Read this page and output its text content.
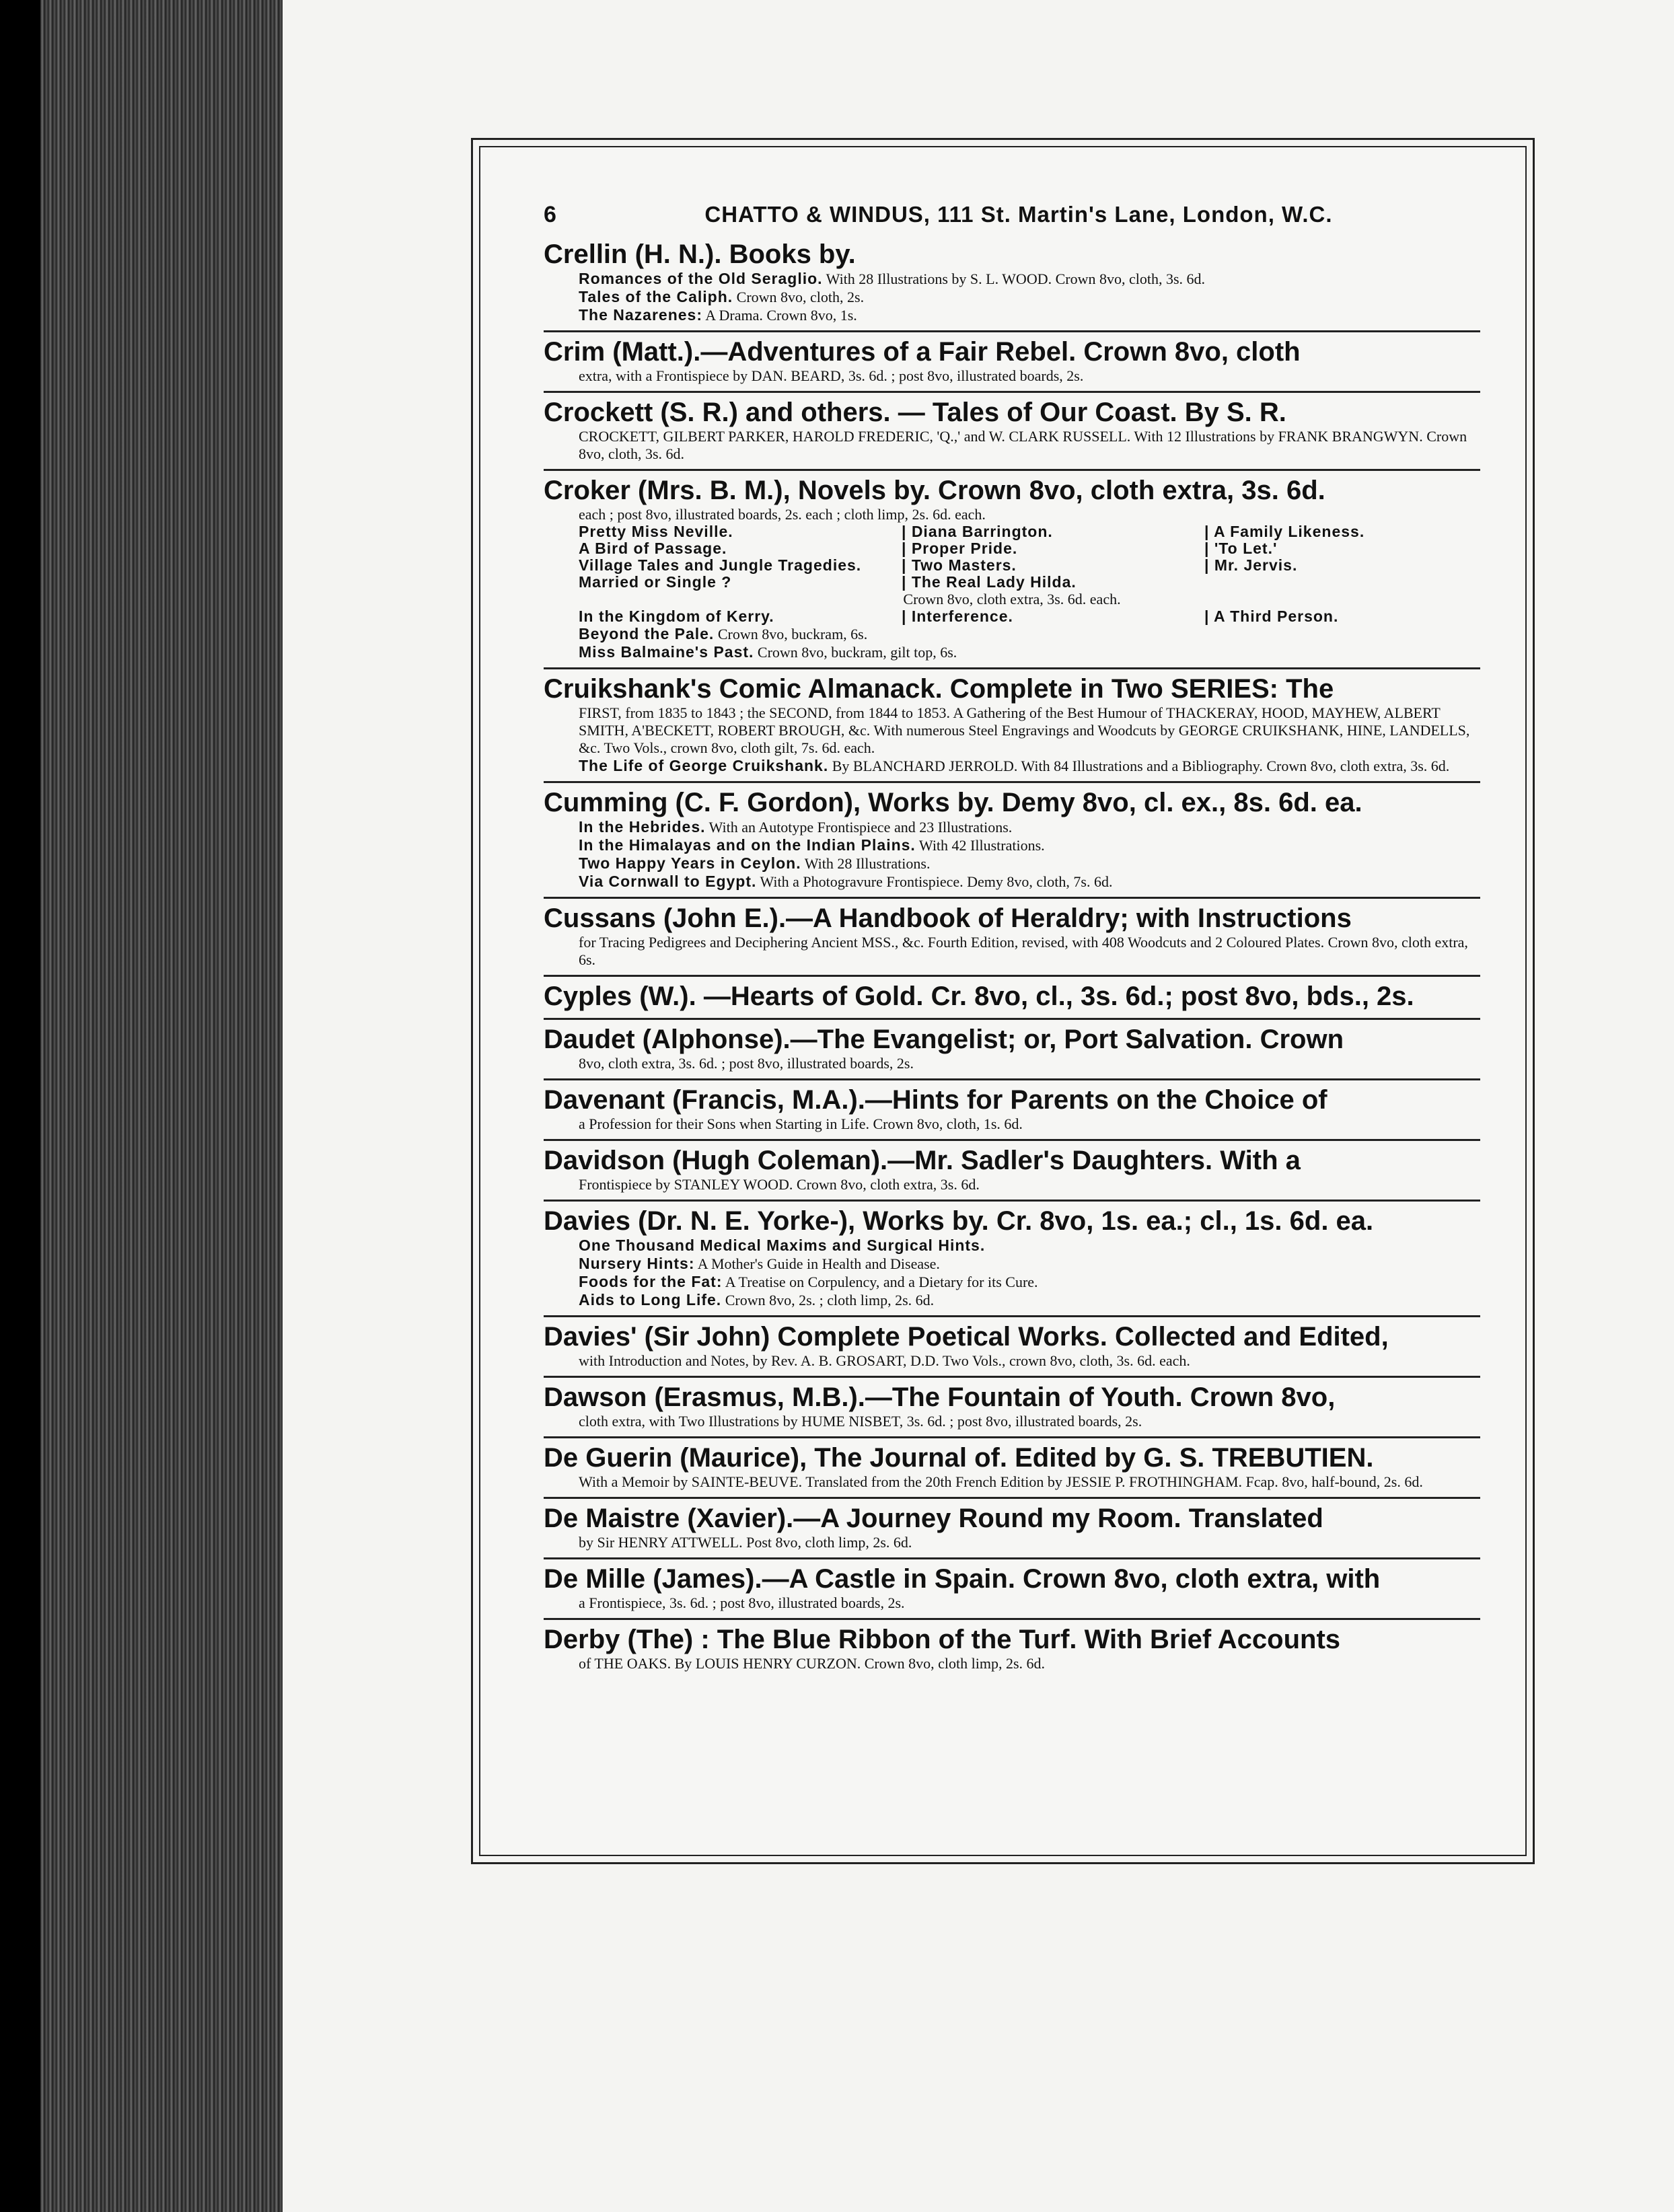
6	CHATTO & WINDUS, 111 St. Martin's Lane, London, W.C.
Crellin (H. N.). Books by.
Romances of the Old Seraglio. With 28 Illustrations by S. L. WOOD. Crown 8vo, cloth, 3s. 6d.
Tales of the Caliph. Crown 8vo, cloth, 2s.
The Nazarenes: A Drama. Crown 8vo, 1s.
Crim (Matt.).—Adventures of a Fair Rebel. Crown 8vo, cloth
extra, with a Frontispiece by DAN. BEARD, 3s. 6d. ; post 8vo, illustrated boards, 2s.
Crockett (S. R.) and others. — Tales of Our Coast. By S. R.
CROCKETT, GILBERT PARKER, HAROLD FREDERIC, 'Q.,' and W. CLARK RUSSELL. With 12 Illustrations by FRANK BRANGWYN. Crown 8vo, cloth, 3s. 6d.
Croker (Mrs. B. M.), Novels by. Crown 8vo, cloth extra, 3s. 6d.
each ; post 8vo, illustrated boards, 2s. each ; cloth limp, 2s. 6d. each.
Pretty Miss Neville.	| Diana Barrington.	| A Family Likeness.
A Bird of Passage.	| Proper Pride.	| 'To Let.'
Village Tales and Jungle Tragedies.	| Two Masters.	| Mr. Jervis.
Married or Single ?	| The Real Lady Hilda.
Crown 8vo, cloth extra, 3s. 6d. each.
In the Kingdom of Kerry.	| Interference.	| A Third Person.
Beyond the Pale. Crown 8vo, buckram, 6s.
Miss Balmaine's Past. Crown 8vo, buckram, gilt top, 6s.
Cruikshank's Comic Almanack. Complete in Two SERIES: The
FIRST, from 1835 to 1843 ; the SECOND, from 1844 to 1853. A Gathering of the Best Humour of THACKERAY, HOOD, MAYHEW, ALBERT SMITH, A'BECKETT, ROBERT BROUGH, &c. With numerous Steel Engravings and Woodcuts by GEORGE CRUIKSHANK, HINE, LANDELLS, &c. Two Vols., crown 8vo, cloth gilt, 7s. 6d. each.
The Life of George Cruikshank. By BLANCHARD JERROLD. With 84 Illustrations and a Bibliography. Crown 8vo, cloth extra, 3s. 6d.
Cumming (C. F. Gordon), Works by. Demy 8vo, cl. ex., 8s. 6d. ea.
In the Hebrides. With an Autotype Frontispiece and 23 Illustrations.
In the Himalayas and on the Indian Plains. With 42 Illustrations.
Two Happy Years in Ceylon. With 28 Illustrations.
Via Cornwall to Egypt. With a Photogravure Frontispiece. Demy 8vo, cloth, 7s. 6d.
Cussans (John E.).—A Handbook of Heraldry; with Instructions
for Tracing Pedigrees and Deciphering Ancient MSS., &c. Fourth Edition, revised, with 408 Woodcuts and 2 Coloured Plates. Crown 8vo, cloth extra, 6s.
Cyples (W.). —Hearts of Gold. Cr. 8vo, cl., 3s. 6d.; post 8vo, bds., 2s.
Daudet (Alphonse).—The Evangelist; or, Port Salvation. Crown
8vo, cloth extra, 3s. 6d. ; post 8vo, illustrated boards, 2s.
Davenant (Francis, M.A.).—Hints for Parents on the Choice of
a Profession for their Sons when Starting in Life. Crown 8vo, cloth, 1s. 6d.
Davidson (Hugh Coleman).—Mr. Sadler's Daughters. With a
Frontispiece by STANLEY WOOD. Crown 8vo, cloth extra, 3s. 6d.
Davies (Dr. N. E. Yorke-), Works by. Cr. 8vo, 1s. ea.; cl., 1s. 6d. ea.
One Thousand Medical Maxims and Surgical Hints.
Nursery Hints: A Mother's Guide in Health and Disease.
Foods for the Fat: A Treatise on Corpulency, and a Dietary for its Cure.
Aids to Long Life. Crown 8vo, 2s. ; cloth limp, 2s. 6d.
Davies' (Sir John) Complete Poetical Works. Collected and Edited,
with Introduction and Notes, by Rev. A. B. GROSART, D.D. Two Vols., crown 8vo, cloth, 3s. 6d. each.
Dawson (Erasmus, M.B.).—The Fountain of Youth. Crown 8vo,
cloth extra, with Two Illustrations by HUME NISBET, 3s. 6d. ; post 8vo, illustrated boards, 2s.
De Guerin (Maurice), The Journal of. Edited by G. S. TREBUTIEN.
With a Memoir by SAINTE-BEUVE. Translated from the 20th French Edition by JESSIE P. FROTHINGHAM. Fcap. 8vo, half-bound, 2s. 6d.
De Maistre (Xavier).—A Journey Round my Room. Translated
by Sir HENRY ATTWELL. Post 8vo, cloth limp, 2s. 6d.
De Mille (James).—A Castle in Spain. Crown 8vo, cloth extra, with
a Frontispiece, 3s. 6d. ; post 8vo, illustrated boards, 2s.
Derby (The) : The Blue Ribbon of the Turf. With Brief Accounts
of THE OAKS. By LOUIS HENRY CURZON. Crown 8vo, cloth limp, 2s. 6d.
